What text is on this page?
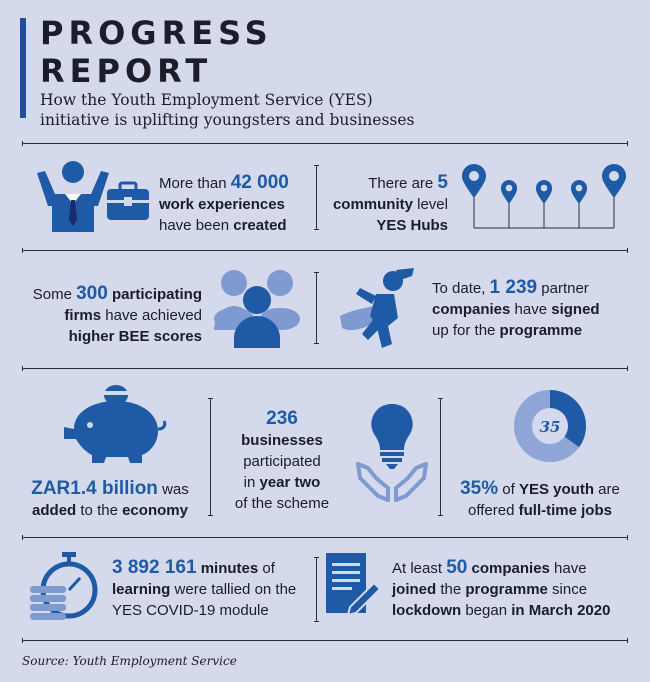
PROGRESS
REPORT
How the Youth Employment Service (YES)
initiative is uplifting youngsters and businesses
More than 42 000
work experiences
have been created
There are 5
community level
YES Hubs
Some 300 participating
firms have achieved
higher BEE scores
To date, 1 239 partner
companies have signed
up for the programme
ZAR1.4 billion was
added to the economy
236
businesses
participated
in year two
of the scheme
35
35% of YES youth are
offered full-time jobs
3 892 161 minutes of
learning were tallied on the
YES COVID-19 module
At least 50 companies have
joined the programme since
lockdown began in March 2020
Source: Youth Employment Service
